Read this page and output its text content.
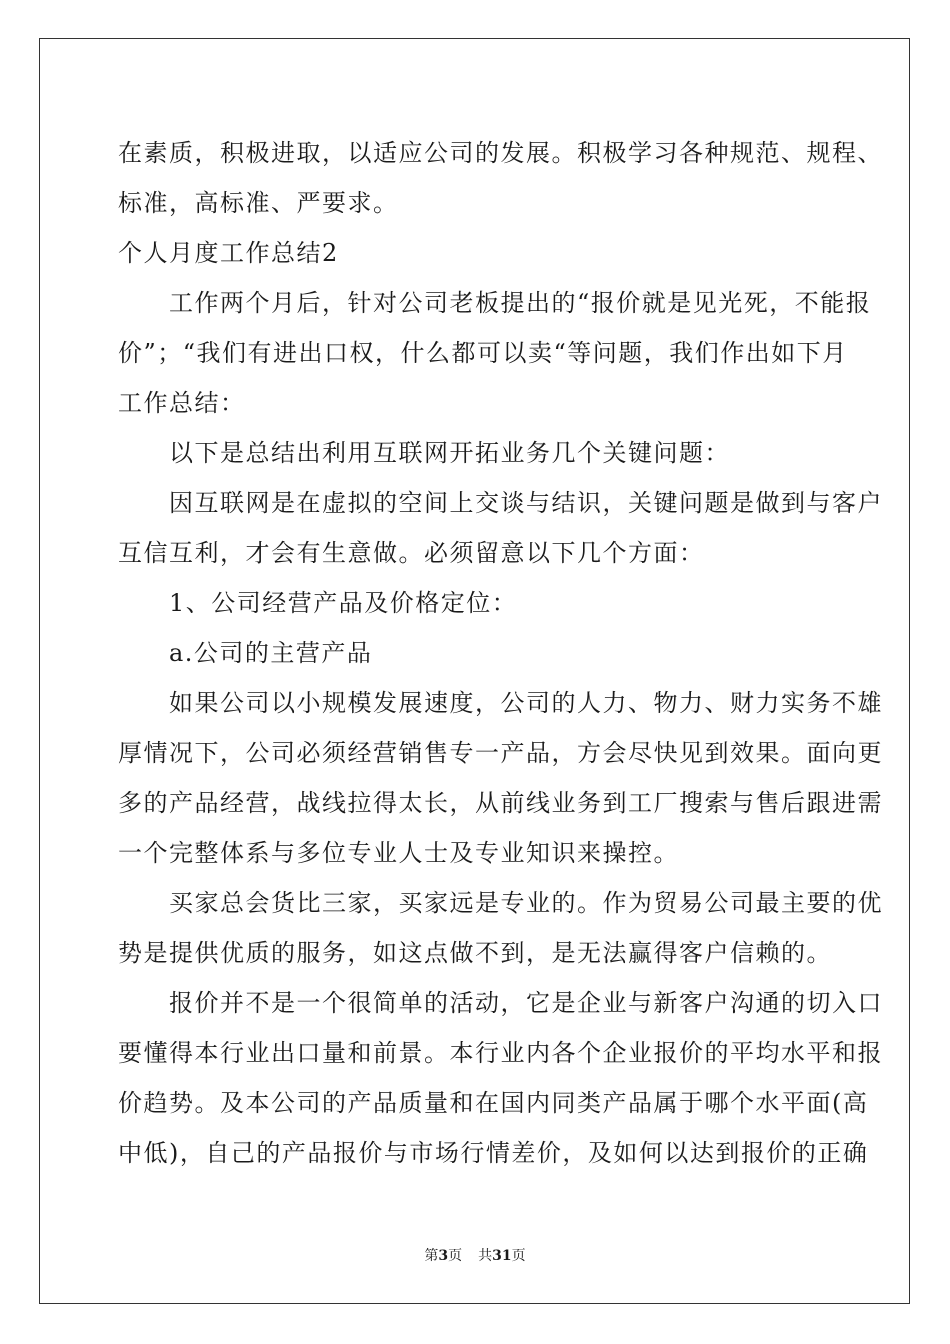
在素质，积极进取，以适应公司的发展。积极学习各种规范、规程、
标准，高标准、严要求。
个人月度工作总结2
　　工作两个月后，针对公司老板提出的“报价就是见光死，不能报
价”；“我们有进出口权，什么都可以卖“等问题，我们作出如下月
工作总结：
　　以下是总结出利用互联网开拓业务几个关键问题：
　　因互联网是在虚拟的空间上交谈与结识，关键问题是做到与客户
互信互利，才会有生意做。必须留意以下几个方面：
　　1、公司经营产品及价格定位：
　　a.公司的主营产品
　　如果公司以小规模发展速度，公司的人力、物力、财力实务不雄
厚情况下，公司必须经营销售专一产品，方会尽快见到效果。面向更
多的产品经营，战线拉得太长，从前线业务到工厂搜索与售后跟进需
一个完整体系与多位专业人士及专业知识来操控。
　　买家总会货比三家，买家远是专业的。作为贸易公司最主要的优
势是提供优质的服务，如这点做不到，是无法赢得客户信赖的。
　　报价并不是一个很简单的活动，它是企业与新客户沟通的切入口
要懂得本行业出口量和前景。本行业内各个企业报价的平均水平和报
价趋势。及本公司的产品质量和在国内同类产品属于哪个水平面(高
中低)，自己的产品报价与市场行情差价，及如何以达到报价的正确
第3页 共31页
